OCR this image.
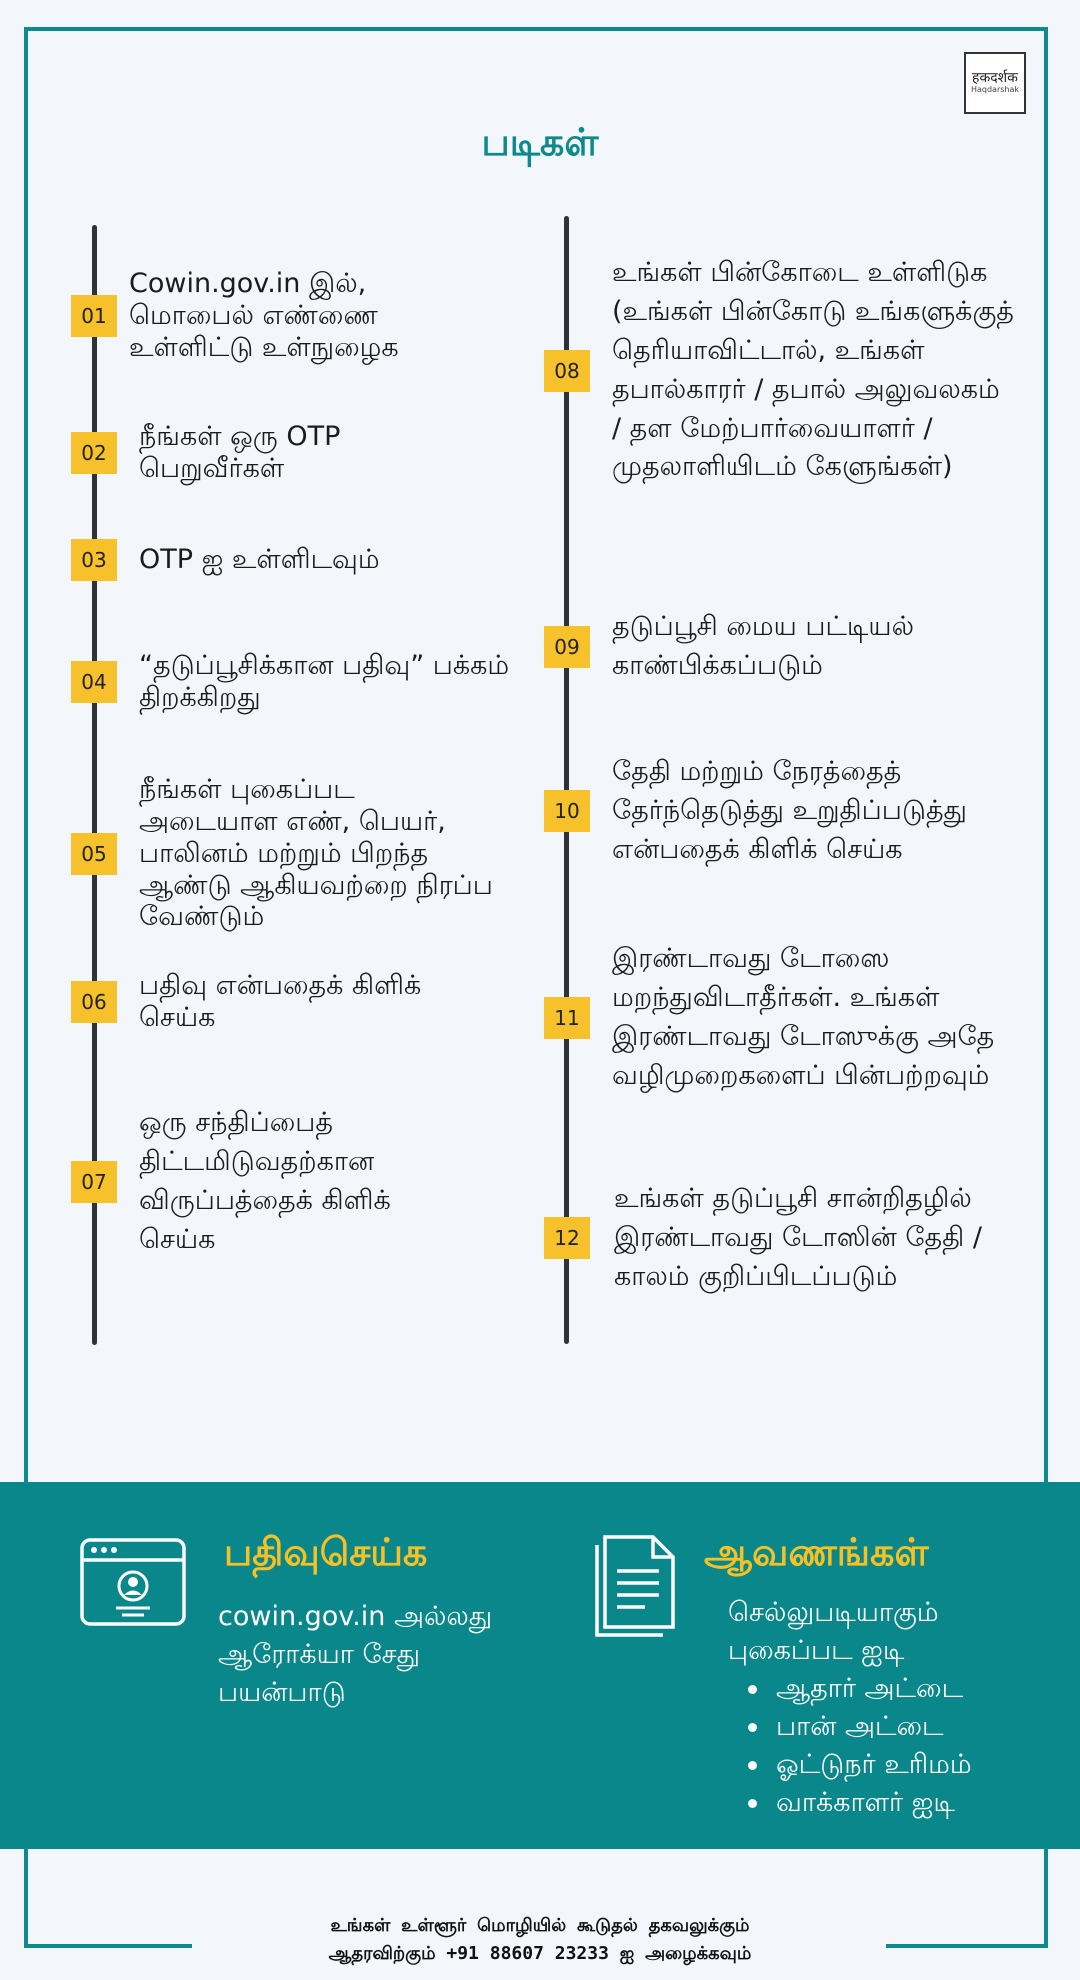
हकदर्शक
Haqdarshak
படிகள்
01
Cowin.gov.in இல், மொபைல் எண்ணை உள்ளிட்டு உள்நுழைக
02
நீங்கள் ஒரு OTP பெறுவீர்கள்
03	OTP ஐ உள்ளிடவும்
04
“தடுப்பூசிக்கான பதிவு” பக்கம் திறக்கிறது
05
நீங்கள் புகைப்பட அடையாள எண், பெயர், பாலினம் மற்றும் பிறந்த ஆண்டு ஆகியவற்றை நிரப்ப வேண்டும்
06
பதிவு என்பதைக் கிளிக் செய்க
07
ஒரு சந்திப்பைத் திட்டமிடுவதற்கான விருப்பத்தைக் கிளிக் செய்க
08
உங்கள் பின்கோடை உள்ளிடுக (உங்கள் பின்கோடு உங்களுக்குத் தெரியாவிட்டால், உங்கள் தபால்காரர் / தபால் அலுவலகம் / தள மேற்பார்வையாளர் / முதலாளியிடம் கேளுங்கள்)
09
தடுப்பூசி மைய பட்டியல் காண்பிக்கப்படும்
10
தேதி மற்றும் நேரத்தைத் தேர்ந்தெடுத்து உறுதிப்படுத்து என்பதைக் கிளிக் செய்க
11
இரண்டாவது டோஸை மறந்துவிடாதீர்கள். உங்கள் இரண்டாவது டோஸுக்கு அதே வழிமுறைகளைப் பின்பற்றவும்
12
உங்கள் தடுப்பூசி சான்றிதழில் இரண்டாவது டோஸின் தேதி / காலம் குறிப்பிடப்படும்
பதிவுசெய்க
cowin.gov.in அல்லது ஆரோக்யா சேது பயன்பாடு
ஆவணங்கள்
செல்லுபடியாகும் புகைப்பட ஐடி
ஆதார் அட்டை
பான் அட்டை
ஓட்டுநர் உரிமம்
வாக்காளர் ஐடி
உங்கள் உள்ளூர் மொழியில் கூடுதல் தகவலுக்கும்
ஆதரவிற்கும் +91 88607 23233 ஐ அழைக்கவும்
